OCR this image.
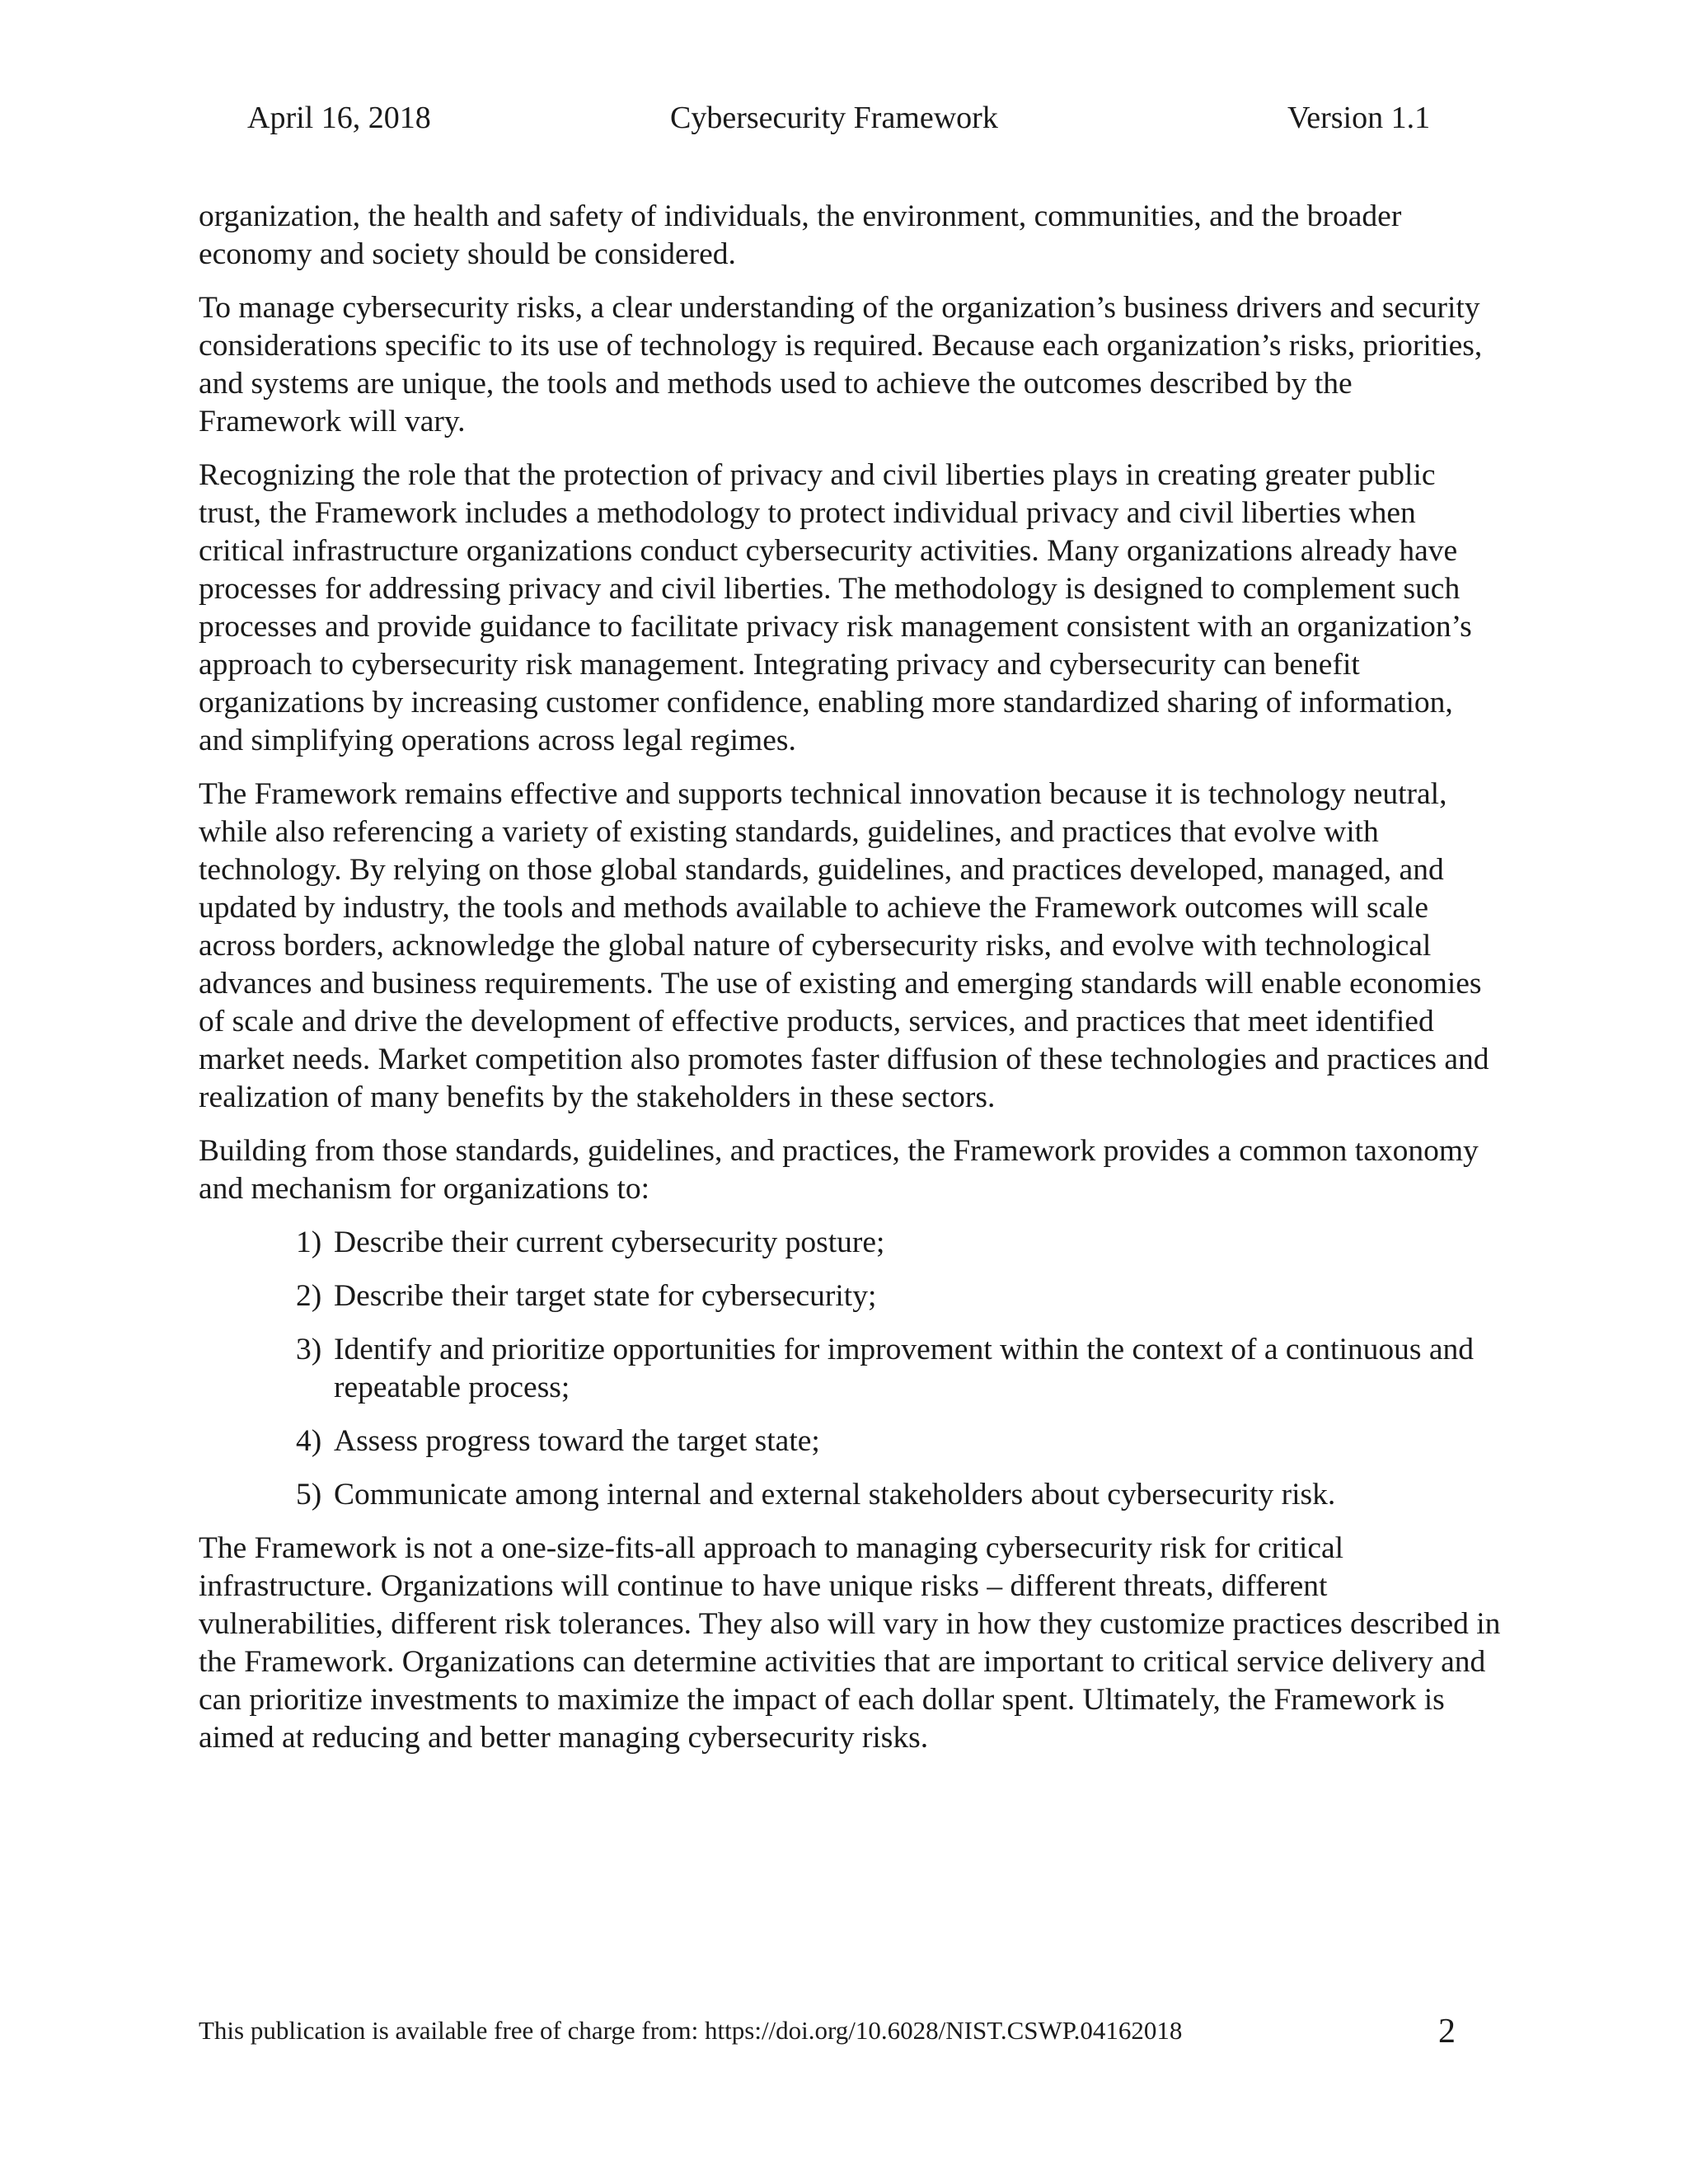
April 16, 2018	Cybersecurity Framework	Version 1.1

organization, the health and safety of individuals, the environment, communities, and the broader economy and society should be considered.

To manage cybersecurity risks, a clear understanding of the organization’s business drivers and security considerations specific to its use of technology is required. Because each organization’s risks, priorities, and systems are unique, the tools and methods used to achieve the outcomes described by the Framework will vary.

Recognizing the role that the protection of privacy and civil liberties plays in creating greater public trust, the Framework includes a methodology to protect individual privacy and civil liberties when critical infrastructure organizations conduct cybersecurity activities. Many organizations already have processes for addressing privacy and civil liberties. The methodology is designed to complement such processes and provide guidance to facilitate privacy risk management consistent with an organization’s approach to cybersecurity risk management. Integrating privacy and cybersecurity can benefit organizations by increasing customer confidence, enabling more standardized sharing of information, and simplifying operations across legal regimes.

The Framework remains effective and supports technical innovation because it is technology neutral, while also referencing a variety of existing standards, guidelines, and practices that evolve with technology. By relying on those global standards, guidelines, and practices developed, managed, and updated by industry, the tools and methods available to achieve the Framework outcomes will scale across borders, acknowledge the global nature of cybersecurity risks, and evolve with technological advances and business requirements. The use of existing and emerging standards will enable economies of scale and drive the development of effective products, services, and practices that meet identified market needs. Market competition also promotes faster diffusion of these technologies and practices and realization of many benefits by the stakeholders in these sectors.

Building from those standards, guidelines, and practices, the Framework provides a common taxonomy and mechanism for organizations to:

1) Describe their current cybersecurity posture;
2) Describe their target state for cybersecurity;
3) Identify and prioritize opportunities for improvement within the context of a continuous and repeatable process;
4) Assess progress toward the target state;
5) Communicate among internal and external stakeholders about cybersecurity risk.

The Framework is not a one-size-fits-all approach to managing cybersecurity risk for critical infrastructure. Organizations will continue to have unique risks – different threats, different vulnerabilities, different risk tolerances. They also will vary in how they customize practices described in the Framework. Organizations can determine activities that are important to critical service delivery and can prioritize investments to maximize the impact of each dollar spent. Ultimately, the Framework is aimed at reducing and better managing cybersecurity risks.

This publication is available free of charge from: https://doi.org/10.6028/NIST.CSWP.04162018	2
